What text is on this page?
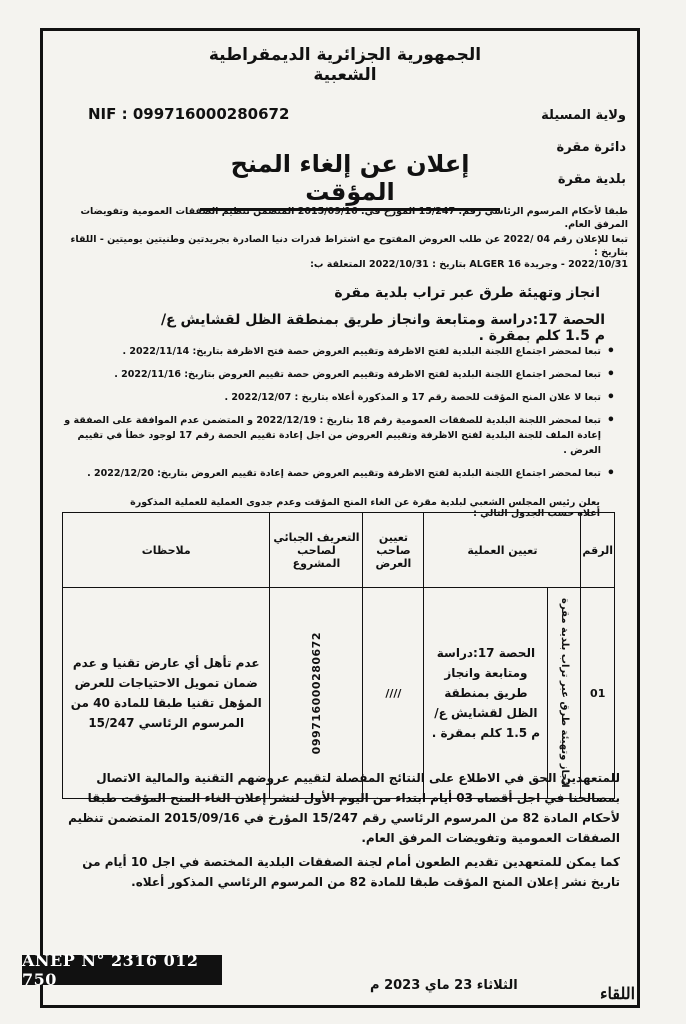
الجمهورية الجزائرية الديمقراطية الشعبية
NIF : 099716000280672	ولاية المسيلة
دائرة مقرة
بلدية مقرة
إعلان عن إلغاء المنح المؤقت
طبقا لأحكام المرسوم الرئاسي رقم: 15/247 المؤرخ في: 2015/09/16 المتضمن تنظيم الصفقات العمومية وتفويضات المرفق العام.
تبعا للإعلان رقم 04 /2022 عن طلب العروض المفتوح مع اشتراط قدرات دنيا الصادرة بجريدتين وطنيتين يوميتين - اللقاء بتاريخ :
2022/10/31 - وجريدة ALGER 16 بتاريخ : 2022/10/31 المتعلقة ب:
انجاز وتهيئة طرق عبر تراب بلدية مقرة
الحصة 17:دراسة ومتابعة وانجاز طريق بمنطقة الظل لقشايش ع/ م 1.5 كلم بمقرة .
• تبعا لمحضر اجتماع اللجنة البلدية لفتح الاظرفة وتقييم العروض حصة فتح الاظرفة بتاريخ: 2022/11/14 .
• تبعا لمحضر اجتماع اللجنة البلدية لفتح الاظرفة وتقييم العروض حصة تقييم العروض بتاريخ: 2022/11/16 .
• تبعا لا علان المنح المؤقت للحصة رقم 17 و المذكورة أعلاه بتاريخ : 2022/12/07 .
• تبعا لمحضر اللجنة البلدية للصفقات العمومية رقم 18 بتاريخ : 2022/12/19 و المتضمن عدم الموافقة على الصفقة و إعادة الملف للجنة البلدية لفتح الاظرفة وتقييم العروض من اجل إعادة تقييم الحصة رقم 17 لوجود خطأ في تقييم العرض .
• تبعا لمحضر اجتماع اللجنة البلدية لفتح الاظرفة وتقييم العروض حصة إعادة تقييم العروض بتاريخ: 2022/12/20 .
يعلن رئيس المجلس الشعبي لبلدية مقرة عن الغاء المنح المؤقت وعدم جدوى العملية للعملية المذكورة أعلاه حسب الجدول التالي :
الرقم	تعيين العملية		تعيين صاحب العرض	التعريف الجبائي لصاحب المشروع	ملاحظات
01	انجاز وتهيئة طرق عبر تراب بلدية مقرة	الحصة 17:دراسة ومتابعة وانجاز طريق بمنطقة الظل لقشايش ع/ م 1.5 كلم بمقرة .	////	099716000280672	عدم تأهل أي عارض تقنيا و عدم ضمان تمويل الاحتياجات للعرض المؤهل تقنيا طبقا للمادة 40 من المرسوم الرئاسي 15/247
للمتعهدين الحق في الاطلاع على النتائج المفصلة لتقييم عروضهم التقنية والمالية الاتصال بمصالحنا في اجل أقصاه 03 أيام ابتداء من اليوم الأول لنشر إعلان الغاء المنح المؤقت طبقا لأحكام المادة 82 من المرسوم الرئاسي رقم 15/247 المؤرخ في 2015/09/16 المتضمن تنظيم الصفقات العمومية وتفويضات المرفق العام.
كما يمكن للمتعهدين تقديم الطعون أمام لجنة الصفقات البلدية المختصة في اجل 10 أيام من تاريخ نشر إعلان المنح المؤقت طبقا للمادة 82 من المرسوم الرئاسي المذكور أعلاه.
ANEP N° 2316 012 750	الثلاثاء 23 ماي 2023 م	اللقاء
